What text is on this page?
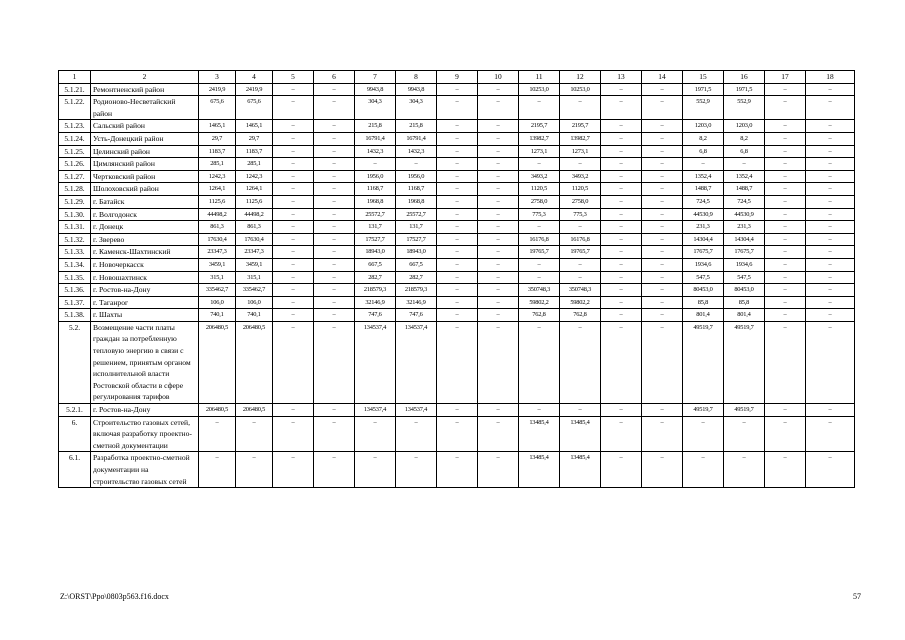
1	2	3	4	5	6	7	8	9	10	11	12	13	14	15	16	17	18
5.1.21.	Ремонтненский район	2419,9	2419,9	–	–	9943,8	9943,8	–	–	10253,0	10253,0	–	–	1971,5	1971,5	–	–
5.1.22.	Родионово-Несветайский район	675,6	675,6	–	–	304,3	304,3	–	–	–	–	–	–	552,9	552,9	–	–
5.1.23.	Сальский район	1465,1	1465,1	–	–	215,8	215,8	–	–	2195,7	2195,7	–	–	1203,0	1203,0	–	–
5.1.24.	Усть-Донецкий район	29,7	29,7	–	–	16791,4	16791,4	–	–	13982,7	13982,7	–	–	8,2	8,2	–	–
5.1.25.	Целинский район	1183,7	1183,7	–	–	1432,3	1432,3	–	–	1273,1	1273,1	–	–	6,8	6,8	–	–
5.1.26.	Цимлянский район	285,1	285,1	–	–	–	–	–	–	–	–	–	–	–	–	–	–
5.1.27.	Чертковский район	1242,3	1242,3	–	–	1956,0	1956,0	–	–	3493,2	3493,2	–	–	1352,4	1352,4	–	–
5.1.28.	Шолоховский район	1264,1	1264,1	–	–	1168,7	1168,7	–	–	1120,5	1120,5	–	–	1488,7	1488,7	–	–
5.1.29.	г. Батайск	1125,6	1125,6	–	–	1968,8	1968,8	–	–	2758,0	2758,0	–	–	724,5	724,5	–	–
5.1.30.	г. Волгодонск	44498,2	44498,2	–	–	25572,7	25572,7	–	–	775,3	775,3	–	–	44530,9	44530,9	–	–
5.1.31.	г. Донецк	861,3	861,3	–	–	131,7	131,7	–	–	–	–	–	–	231,3	231,3	–	–
5.1.32.	г. Зверево	17630,4	17630,4	–	–	17527,7	17527,7	–	–	16176,8	16176,8	–	–	14304,4	14304,4	–	–
5.1.33.	г. Каменск-Шахтинский	23347,3	23347,3	–	–	18943,0	18943,0	–	–	19765,7	19765,7	–	–	17675,7	17675,7	–	–
5.1.34.	г. Новочеркасск	3459,1	3459,1	–	–	667,5	667,5	–	–	–	–	–	–	1934,6	1934,6	–	–
5.1.35.	г. Новошахтинск	315,1	315,1	–	–	282,7	282,7	–	–	–	–	–	–	547,5	547,5	–	–
5.1.36.	г. Ростов-на-Дону	335462,7	335462,7	–	–	218579,3	218579,3	–	–	350748,3	350748,3	–	–	80453,0	80453,0	–	–
5.1.37.	г. Таганрог	106,0	106,0	–	–	32146,9	32146,9	–	–	59802,2	59802,2	–	–	85,8	85,8	–	–
5.1.38.	г. Шахты	740,1	740,1	–	–	747,6	747,6	–	–	762,8	762,8	–	–	801,4	801,4	–	–
5.2.	Возмещение части платы граждан за потребленную тепловую энергию в связи с решением, принятым органом исполнительной власти Ростовской области в сфере регулирования тарифов	206480,5	206480,5	–	–	134537,4	134537,4	–	–	–	–	–	–	49519,7	49519,7	–	–
5.2.1.	г. Ростов-на-Дону	206480,5	206480,5	–	–	134537,4	134537,4	–	–	–	–	–	–	49519,7	49519,7	–	–
6.	Строительство газовых сетей, включая разработку проектно-сметной документации	–	–	–	–	–	–	–	–	13485,4	13485,4	–	–	–	–	–	–
6.1.	Разработка проектно-сметной документации на строительство газовых сетей	–	–	–	–	–	–	–	–	13485,4	13485,4	–	–	–	–	–	–
Z:\ORST\Ppo\0803p563.f16.docx	57
